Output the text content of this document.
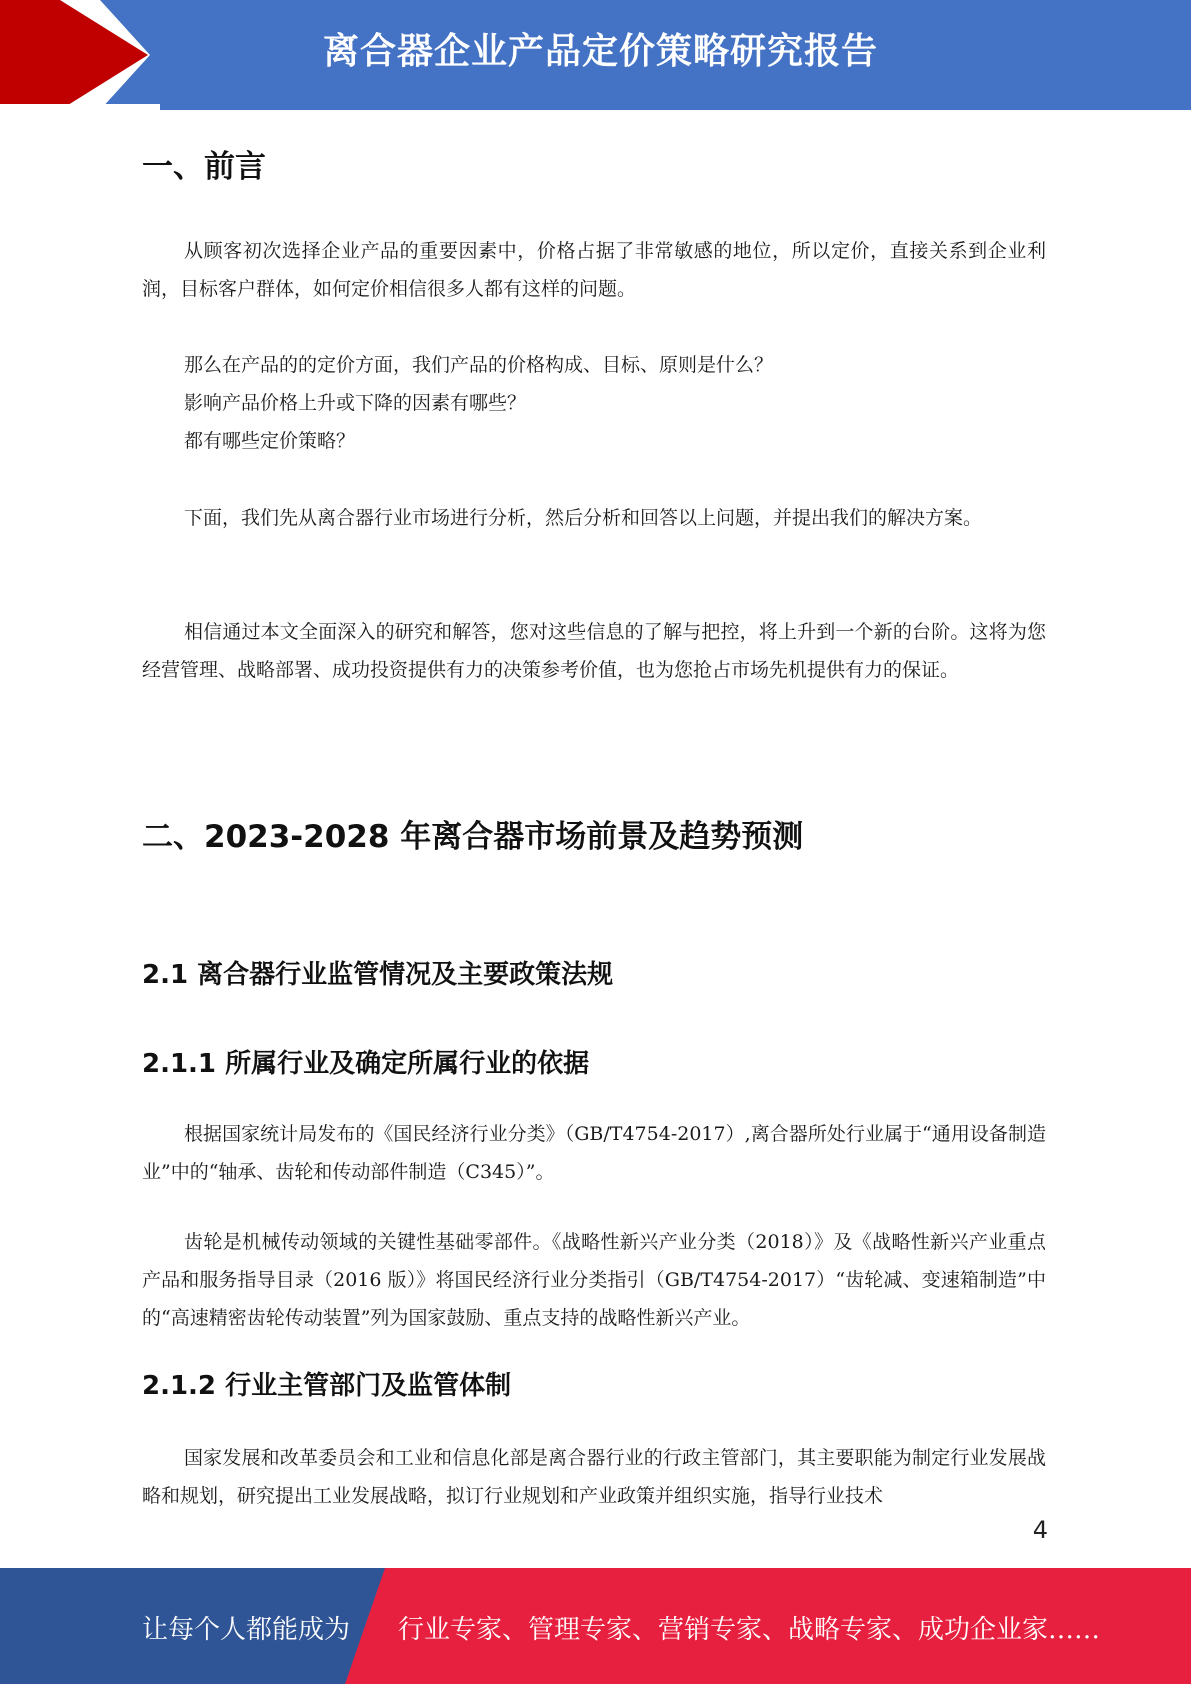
离合器企业产品定价策略研究报告
一、前言

从顾客初次选择企业产品的重要因素中，价格占据了非常敏感的地位，所以定价，直接关系到企业利润，目标客户群体，如何定价相信很多人都有这样的问题。

那么在产品的的定价方面，我们产品的价格构成、目标、原则是什么？
影响产品价格上升或下降的因素有哪些？
都有哪些定价策略？

下面，我们先从离合器行业市场进行分析，然后分析和回答以上问题，并提出我们的解决方案。

相信通过本文全面深入的研究和解答，您对这些信息的了解与把控，将上升到一个新的台阶。这将为您经营管理、战略部署、成功投资提供有力的决策参考价值，也为您抢占市场先机提供有力的保证。

二、2023-2028 年离合器市场前景及趋势预测
2.1 离合器行业监管情况及主要政策法规
2.1.1 所属行业及确定所属行业的依据

根据国家统计局发布的《国民经济行业分类》（GB/T4754-2017）,离合器所处行业属于“通用设备制造业”中的“轴承、齿轮和传动部件制造（C345）”。

齿轮是机械传动领域的关键性基础零部件。《战略性新兴产业分类（2018）》及《战略性新兴产业重点产品和服务指导目录（2016 版）》将国民经济行业分类指引（GB/T4754-2017）“齿轮减、变速箱制造”中的“高速精密齿轮传动装置”列为国家鼓励、重点支持的战略性新兴产业。

2.1.2 行业主管部门及监管体制

国家发展和改革委员会和工业和信息化部是离合器行业的行政主管部门，其主要职能为制定行业发展战略和规划，研究提出工业发展战略，拟订行业规划和产业政策并组织实施，指导行业技术

4
让每个人都能成为 行业专家、管理专家、营销专家、战略专家、成功企业家……
